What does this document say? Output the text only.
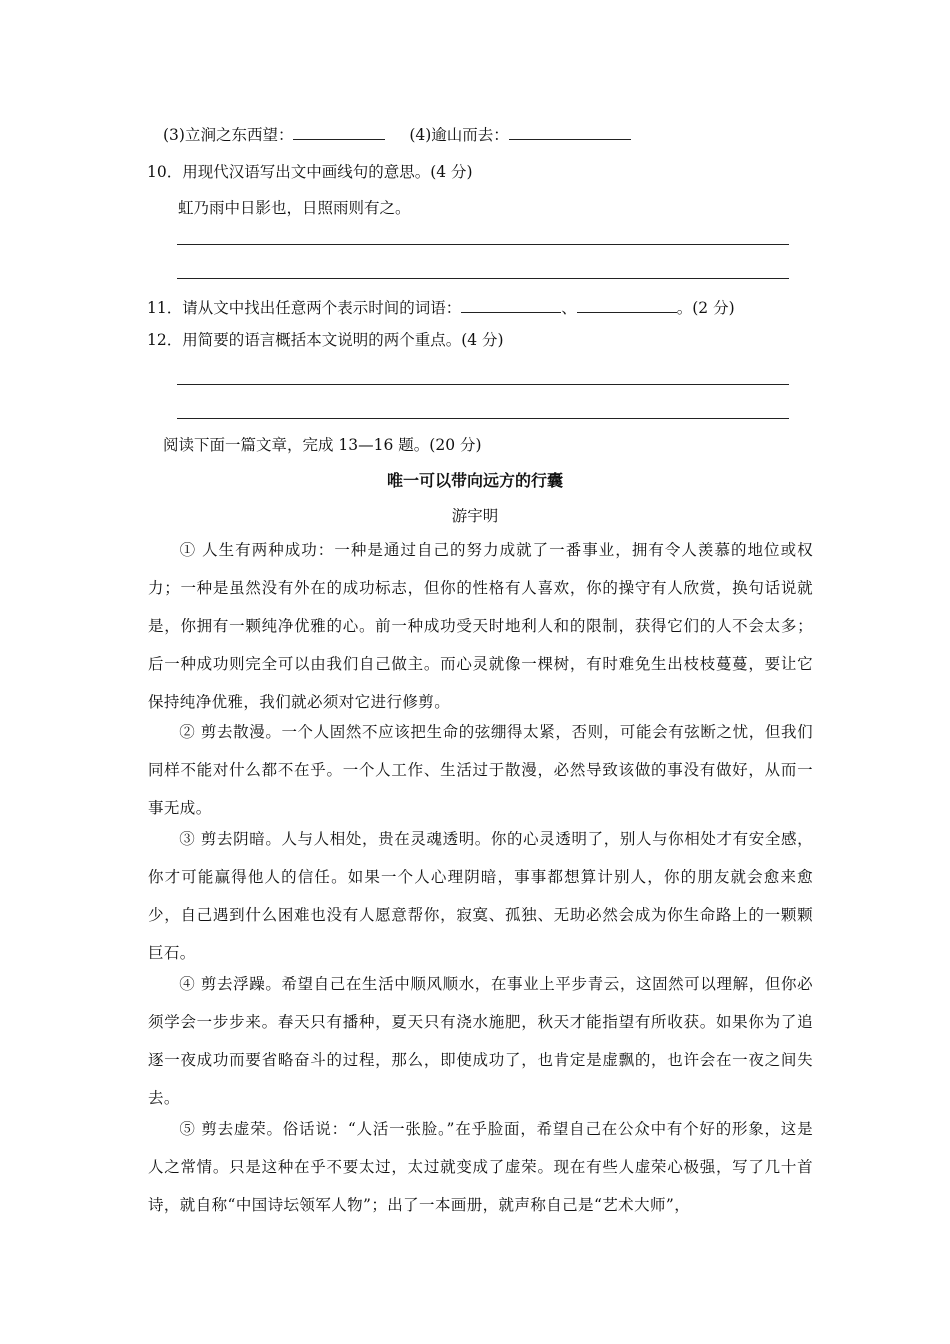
(3)立涧之东西望：	(4)逾山而去：
10．用现代汉语写出文中画线句的意思。(4 分)
虹乃雨中日影也，日照雨则有之。
11．请从文中找出任意两个表示时间的词语：	、	。(2 分)
12．用简要的语言概括本文说明的两个重点。(4 分)
阅读下面一篇文章，完成 13—16 题。(20 分)
唯一可以带向远方的行囊
游宇明
① 人生有两种成功：一种是通过自己的努力成就了一番事业，拥有令人羡慕的地位或权力；一种是虽然没有外在的成功标志，但你的性格有人喜欢，你的操守有人欣赏，换句话说就是，你拥有一颗纯净优雅的心。前一种成功受天时地利人和的限制，获得它们的人不会太多；后一种成功则完全可以由我们自己做主。而心灵就像一棵树，有时难免生出枝枝蔓蔓，要让它保持纯净优雅，我们就必须对它进行修剪。
② 剪去散漫。一个人固然不应该把生命的弦绷得太紧，否则，可能会有弦断之忧，但我们　同样不能对什么都不在乎。一个人工作、生活过于散漫，必然导致该做的事没有做好，从而一事无成。
③ 剪去阴暗。人与人相处，贵在灵魂透明。你的心灵透明了，别人与你相处才有安全感，你才可能赢得他人的信任。如果一个人心理阴暗，事事都想算计别人，你的朋友就会愈来愈少，自己遇到什么困难也没有人愿意帮你，寂寞、孤独、无助必然会成为你生命路上的一颗颗巨石。
④ 剪去浮躁。希望自己在生活中顺风顺水，在事业上平步青云，这固然可以理解，但你必须学会一步步来。春天只有播种，夏天只有浇水施肥，秋天才能指望有所收获。如果你为了追逐一夜成功而要省略奋斗的过程，那么，即使成功了，也肯定是虚飘的，也许会在一夜之间失去。
⑤ 剪去虚荣。俗话说：“人活一张脸。”在乎脸面，希望自己在公众中有个好的形象，这是人之常情。只是这种在乎不要太过，太过就变成了虚荣。现在有些人虚荣心极强，写了几十首诗，就自称“中国诗坛领军人物”；出了一本画册，就声称自己是“艺术大师”，
